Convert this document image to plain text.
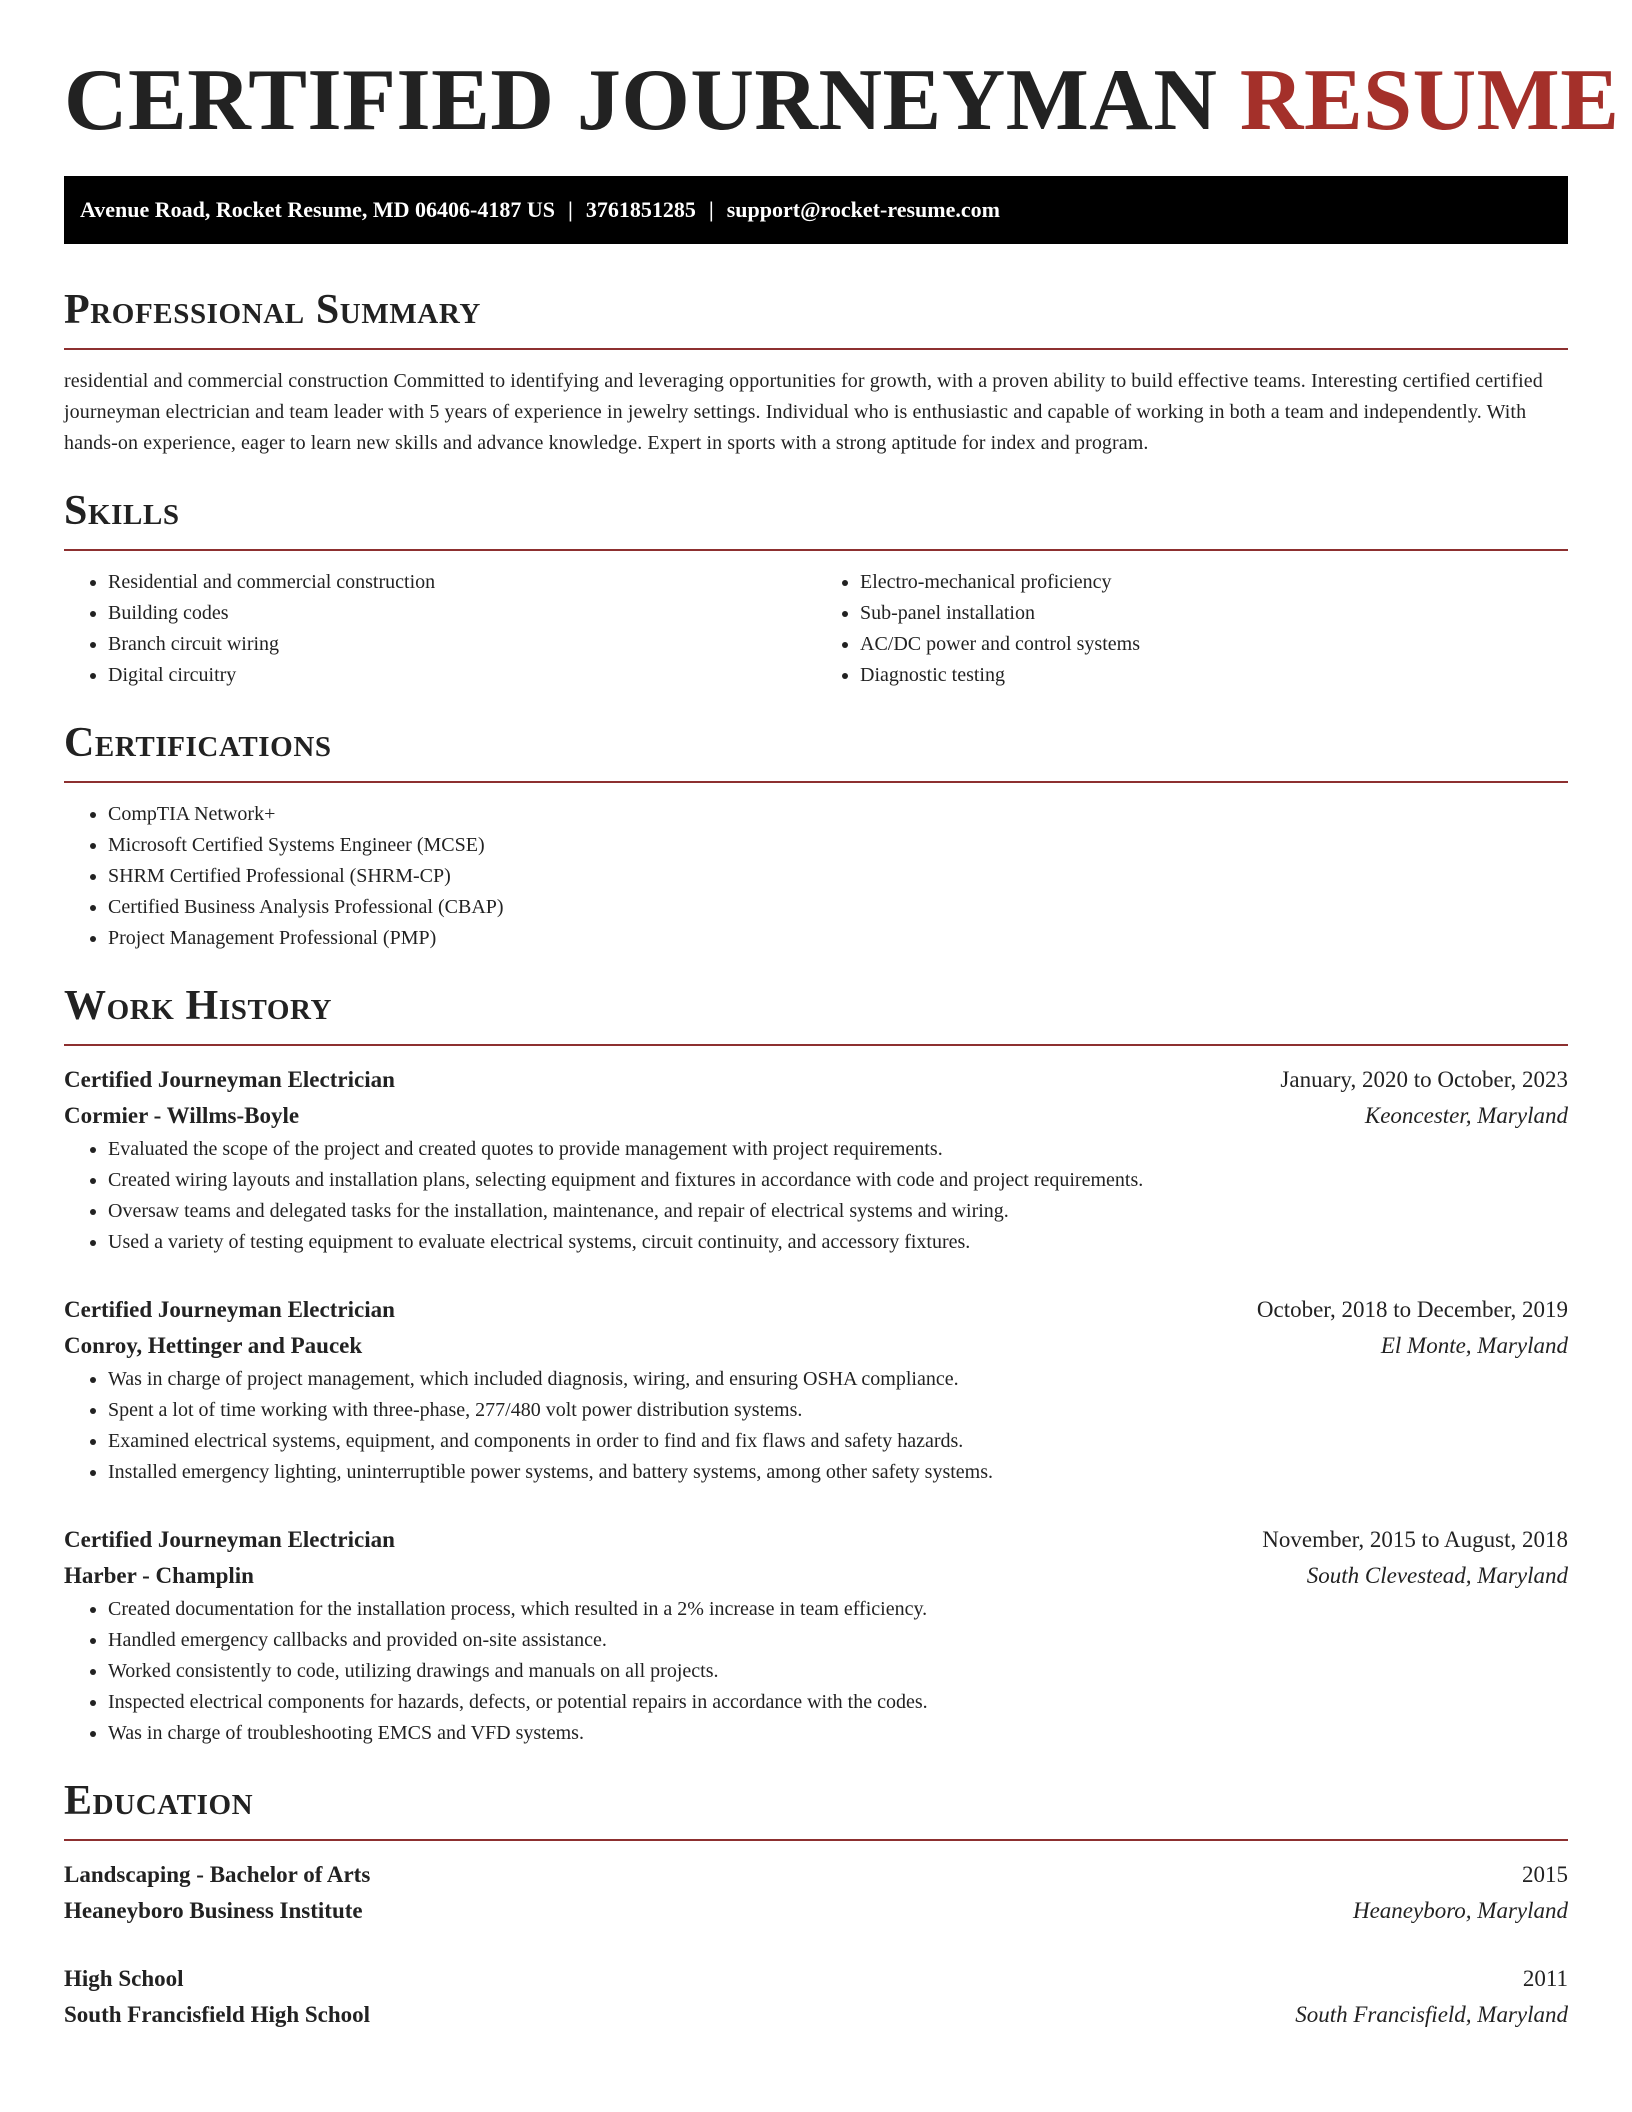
CERTIFIED JOURNEYMAN RESUME
Avenue Road, Rocket Resume, MD 06406-4187 US | 3761851285 | support@rocket-resume.com
Professional Summary

residential and commercial construction Committed to identifying and leveraging opportunities for growth, with a proven ability to build effective teams. Interesting certified certified journeyman electrician and team leader with 5 years of experience in jewelry settings. Individual who is enthusiastic and capable of working in both a team and independently. With hands-on experience, eager to learn new skills and advance knowledge. Expert in sports with a strong aptitude for index and program.

Skills
• Residential and commercial construction
• Building codes
• Branch circuit wiring
• Digital circuitry
• Electro-mechanical proficiency
• Sub-panel installation
• AC/DC power and control systems
• Diagnostic testing
Certifications
• CompTIA Network+
• Microsoft Certified Systems Engineer (MCSE)
• SHRM Certified Professional (SHRM-CP)
• Certified Business Analysis Professional (CBAP)
• Project Management Professional (PMP)
Work History
Certified Journeyman Electrician	January, 2020 to October, 2023
Cormier - Willms-Boyle	Keoncester, Maryland
• Evaluated the scope of the project and created quotes to provide management with project requirements.
• Created wiring layouts and installation plans, selecting equipment and fixtures in accordance with code and project requirements.
• Oversaw teams and delegated tasks for the installation, maintenance, and repair of electrical systems and wiring.
• Used a variety of testing equipment to evaluate electrical systems, circuit continuity, and accessory fixtures.
Certified Journeyman Electrician	October, 2018 to December, 2019
Conroy, Hettinger and Paucek	El Monte, Maryland
• Was in charge of project management, which included diagnosis, wiring, and ensuring OSHA compliance.
• Spent a lot of time working with three-phase, 277/480 volt power distribution systems.
• Examined electrical systems, equipment, and components in order to find and fix flaws and safety hazards.
• Installed emergency lighting, uninterruptible power systems, and battery systems, among other safety systems.
Certified Journeyman Electrician	November, 2015 to August, 2018
Harber - Champlin	South Clevestead, Maryland
• Created documentation for the installation process, which resulted in a 2% increase in team efficiency.
• Handled emergency callbacks and provided on-site assistance.
• Worked consistently to code, utilizing drawings and manuals on all projects.
• Inspected electrical components for hazards, defects, or potential repairs in accordance with the codes.
• Was in charge of troubleshooting EMCS and VFD systems.
Education
Landscaping - Bachelor of Arts	2015
Heaneyboro Business Institute	Heaneyboro, Maryland
High School	2011
South Francisfield High School	South Francisfield, Maryland
